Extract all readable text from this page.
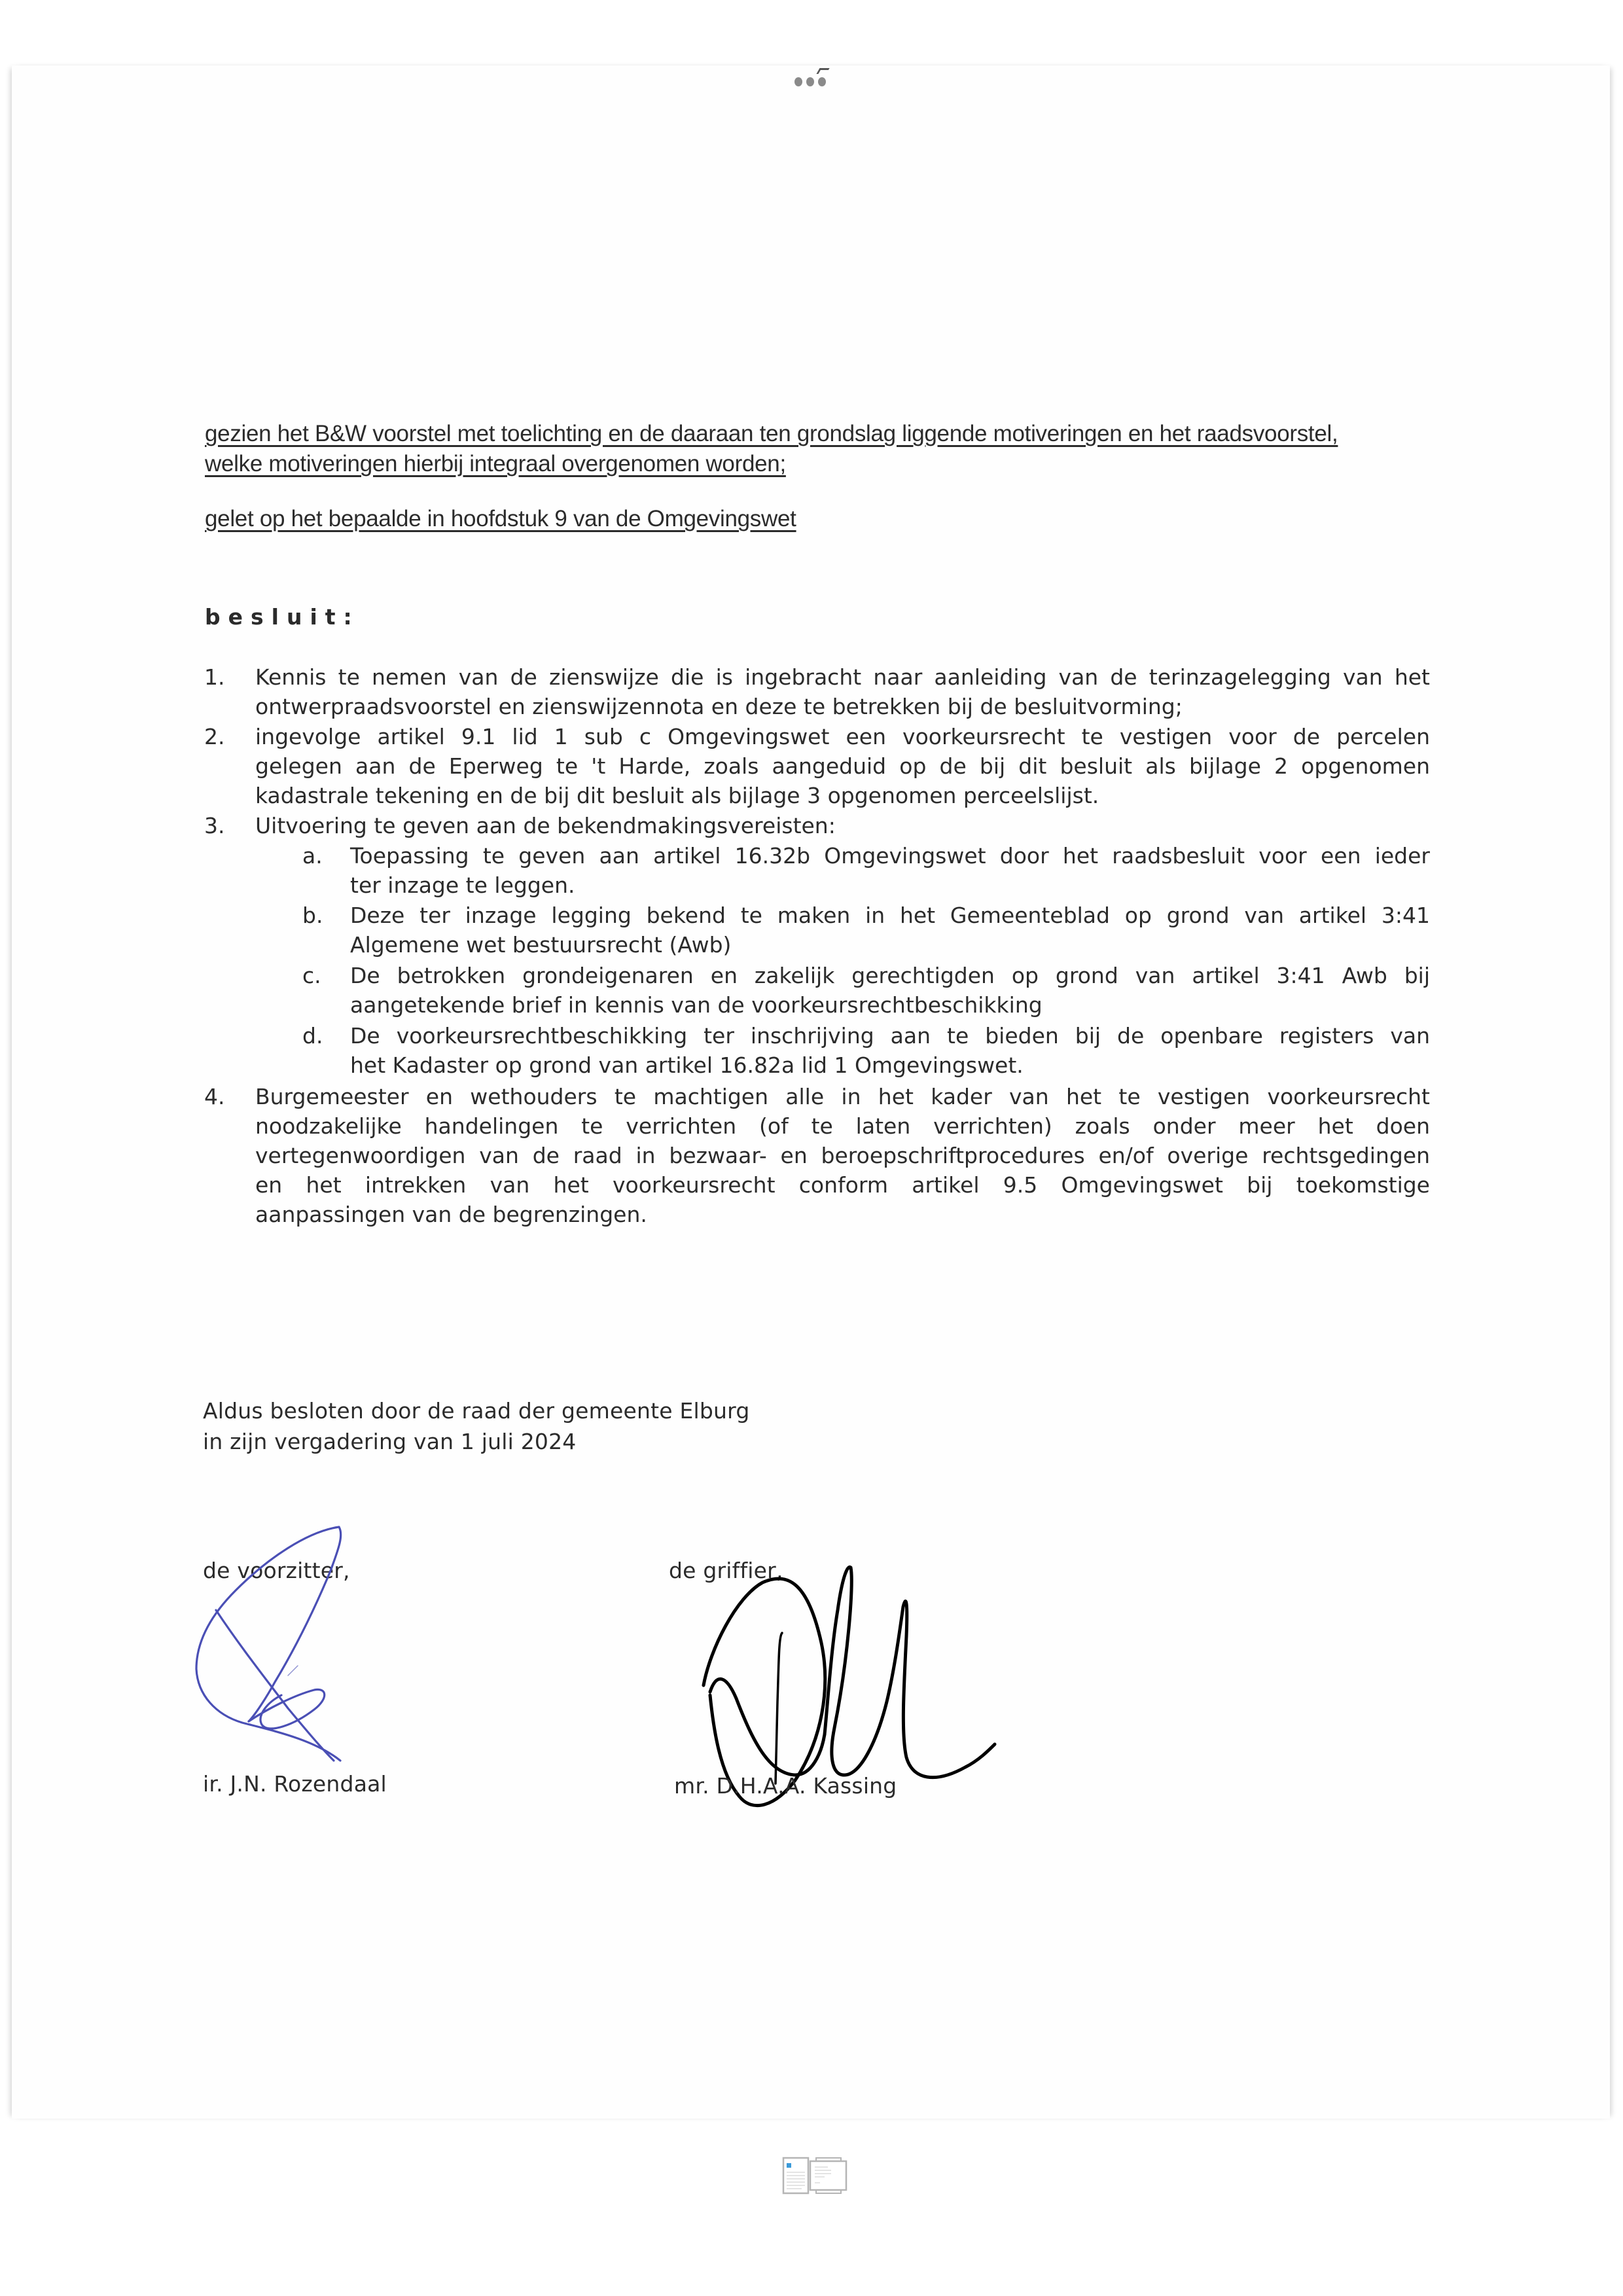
gezien het B&W voorstel met toelichting en de daaraan ten grondslag liggende motiveringen en het raadsvoorstel,
welke motiveringen hierbij integraal overgenomen worden;
gelet op het bepaalde in hoofdstuk 9 van de Omgevingswet
besluit:
1. Kennis te nemen van de zienswijze die is ingebracht naar aanleiding van de terinzagelegging van het
ontwerpraadsvoorstel en zienswijzennota en deze te betrekken bij de besluitvorming;
2. ingevolge artikel 9.1 lid 1 sub c Omgevingswet een voorkeursrecht te vestigen voor de percelen
gelegen aan de Eperweg te 't Harde, zoals aangeduid op de bij dit besluit als bijlage 2 opgenomen
kadastrale tekening en de bij dit besluit als bijlage 3 opgenomen perceelslijst.
3. Uitvoering te geven aan de bekendmakingsvereisten:
a. Toepassing te geven aan artikel 16.32b Omgevingswet door het raadsbesluit voor een ieder
ter inzage te leggen.
b. Deze ter inzage legging bekend te maken in het Gemeenteblad op grond van artikel 3:41
Algemene wet bestuursrecht (Awb)
c. De betrokken grondeigenaren en zakelijk gerechtigden op grond van artikel 3:41 Awb bij
aangetekende brief in kennis van de voorkeursrechtbeschikking
d. De voorkeursrechtbeschikking ter inschrijving aan te bieden bij de openbare registers van
het Kadaster op grond van artikel 16.82a lid 1 Omgevingswet.
4. Burgemeester en wethouders te machtigen alle in het kader van het te vestigen voorkeursrecht
noodzakelijke handelingen te verrichten (of te laten verrichten) zoals onder meer het doen
vertegenwoordigen van de raad in bezwaar- en beroepschriftprocedures en/of overige rechtsgedingen
en het intrekken van het voorkeursrecht conform artikel 9.5 Omgevingswet bij toekomstige
aanpassingen van de begrenzingen.
Aldus besloten door de raad der gemeente Elburg
in zijn vergadering van 1 juli 2024
de voorzitter,	de griffier,
ir. J.N. Rozendaal	mr. D.H.A.A. Kassing
